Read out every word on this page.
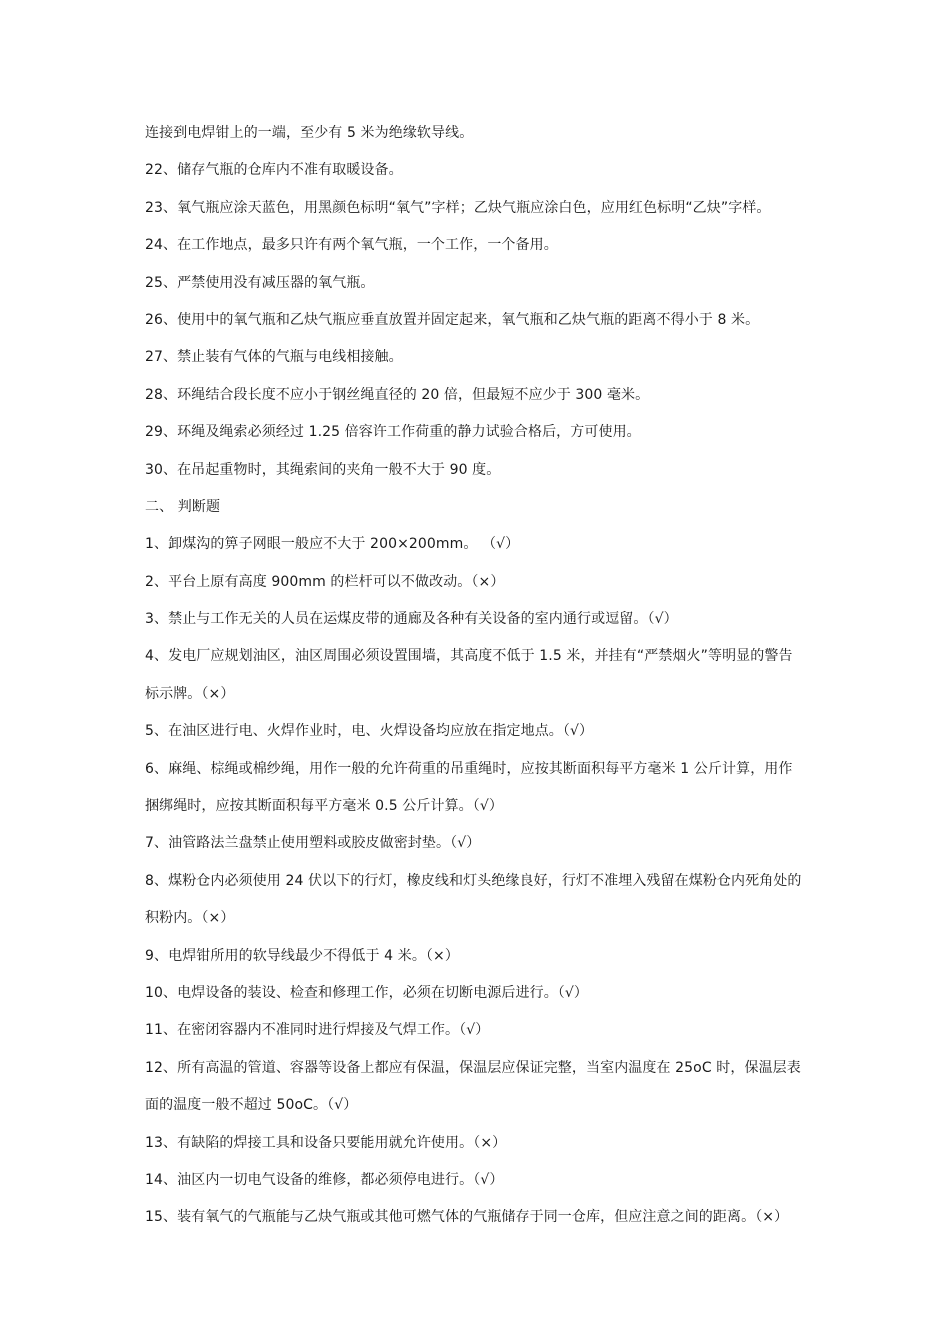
连接到电焊钳上的一端，至少有 5 米为绝缘软导线。
22、储存气瓶的仓库内不准有取暖设备。
23、氧气瓶应涂天蓝色，用黑颜色标明“氧气”字样；乙炔气瓶应涂白色，应用红色标明“乙炔”字样。
24、在工作地点，最多只许有两个氧气瓶，一个工作，一个备用。
25、严禁使用没有减压器的氧气瓶。
26、使用中的氧气瓶和乙炔气瓶应垂直放置并固定起来，氧气瓶和乙炔气瓶的距离不得小于 8 米。
27、禁止装有气体的气瓶与电线相接触。
28、环绳结合段长度不应小于钢丝绳直径的 20 倍，但最短不应少于 300 毫米。
29、环绳及绳索必须经过 1.25 倍容许工作荷重的静力试验合格后，方可使用。
30、在吊起重物时，其绳索间的夹角一般不大于 90 度。
二、 判断题
1、卸煤沟的箅子网眼一般应不大于 200×200mm。 （√）
2、平台上原有高度 900mm 的栏杆可以不做改动。（×）
3、禁止与工作无关的人员在运煤皮带的通廊及各种有关设备的室内通行或逗留。（√）
4、发电厂应规划油区，油区周围必须设置围墙，其高度不低于 1.5 米，并挂有“严禁烟火”等明显的警告
标示牌。（×）
5、在油区进行电、火焊作业时，电、火焊设备均应放在指定地点。（√）
6、麻绳、棕绳或棉纱绳，用作一般的允许荷重的吊重绳时，应按其断面积每平方毫米 1 公斤计算，用作
捆绑绳时，应按其断面积每平方毫米 0.5 公斤计算。（√）
7、油管路法兰盘禁止使用塑料或胶皮做密封垫。（√）
8、煤粉仓内必须使用 24 伏以下的行灯，橡皮线和灯头绝缘良好，行灯不准埋入残留在煤粉仓内死角处的
积粉内。（×）
9、电焊钳所用的软导线最少不得低于 4 米。（×）
10、电焊设备的装设、检查和修理工作，必须在切断电源后进行。（√）
11、在密闭容器内不准同时进行焊接及气焊工作。（√）
12、所有高温的管道、容器等设备上都应有保温，保温层应保证完整，当室内温度在 25oC 时，保温层表
面的温度一般不超过 50oC。（√）
13、有缺陷的焊接工具和设备只要能用就允许使用。（×）
14、油区内一切电气设备的维修，都必须停电进行。（√）
15、装有氧气的气瓶能与乙炔气瓶或其他可燃气体的气瓶储存于同一仓库，但应注意之间的距离。（×）
